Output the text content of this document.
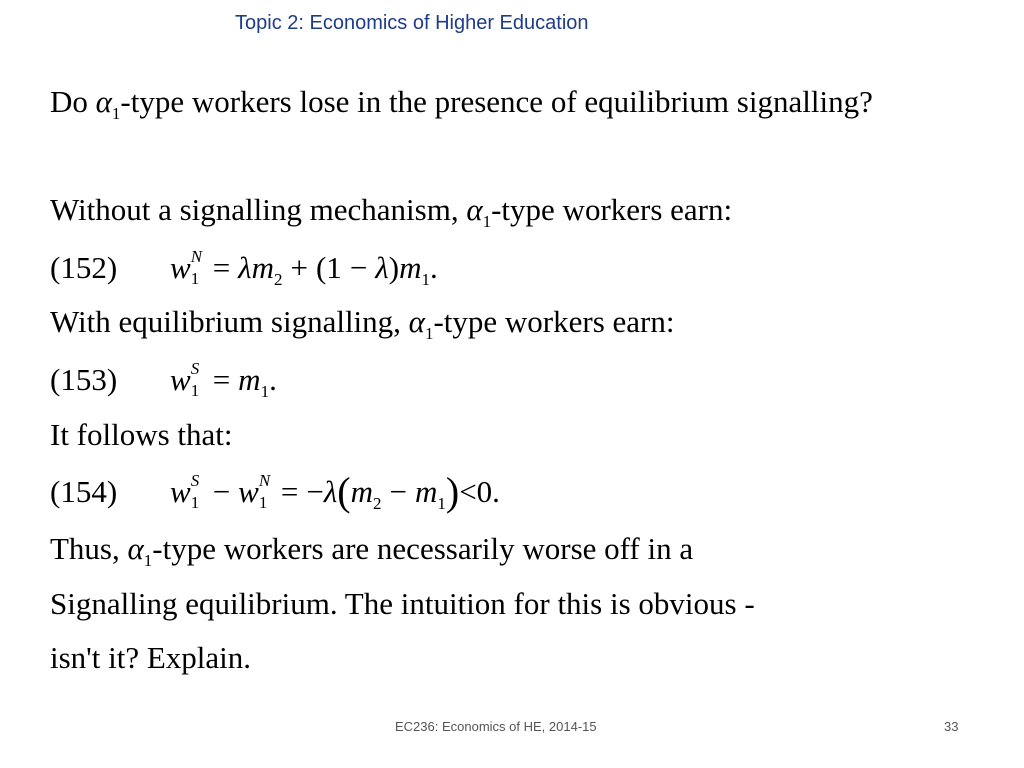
Topic 2: Economics of Higher Education
Do $\alpha_1$-type workers lose in the presence of equilibrium signalling?
Without a signalling mechanism, $\alpha_1$-type workers earn:
(152) w N
$1 = \lambda m_2 + (1 - \lambda)m_1$.
With equilibrium signalling, $\alpha_1$-type workers earn:
(153) w S
$1 = m_1$.
It follows that:
(154) w S
1 − w N
$1 = -\lambda(m_2 - m_1)<0$.
Thus, $\alpha_1$-type workers are necessarily worse off in a
Signalling equilibrium. The intuition for this is obvious -
isn't it? Explain.
EC236: Economics of HE, 2014-15	33
